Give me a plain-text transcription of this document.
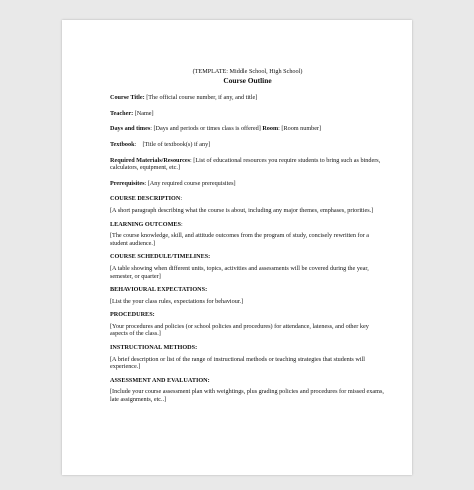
(TEMPLATE: Middle School, High School)
Course Outline
Course Title: [The official course number, if any, and title]
Teacher: [Name]
Days and times: [Days and periods or times class is offered] Room: [Room number]
Textbook:    [Title of textbook(s) if any]
Required Materials/Resources: [List of educational resources you require students to bring such as binders, calculators, equipment, etc.]
Prerequisites: [Any required course prerequisites]
COURSE DESCRIPTION:
[A short paragraph describing what the course is about, including any major themes, emphases, priorities.]
LEARNING OUTCOMES:
[The course knowledge, skill, and attitude outcomes from the program of study, concisely rewritten for a student audience.]
COURSE SCHEDULE/TIMELINES:
[A table showing when different units, topics, activities and assessments will be covered during the year, semester, or quarter]
BEHAVIOURAL EXPECTATIONS:
[List the your class rules, expectations for behaviour.]
PROCEDURES:
[Your procedures and policies (or school policies and procedures) for attendance, lateness, and other key aspects of the class.]
INSTRUCTIONAL METHODS:
[A brief description or list of the range of instructional methods or teaching strategies that students will experience.]
ASSESSMENT AND EVALUATION:
[Include your course assessment plan with weightings, plus grading policies and procedures for missed exams, late assignments, etc..]
